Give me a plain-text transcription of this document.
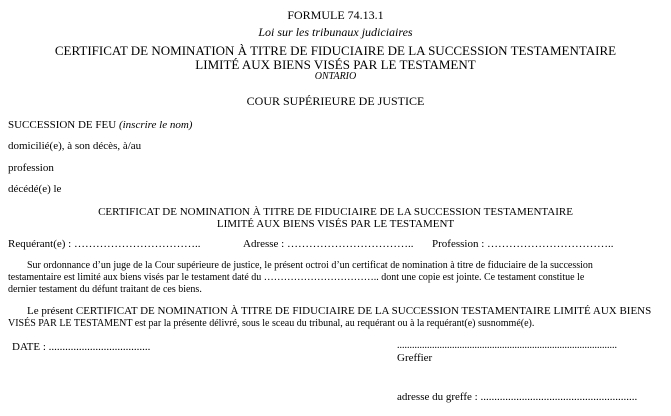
FORMULE 74.13.1
Loi sur les tribunaux judiciaires
CERTIFICAT DE NOMINATION À TITRE DE FIDUCIAIRE DE LA SUCCESSION TESTAMENTAIRE
LIMITÉ AUX BIENS VISÉS PAR LE TESTAMENT
ONTARIO
COUR SUPÉRIEURE DE JUSTICE
SUCCESSION DE FEU (inscrire le nom)
domicilié(e), à son décès, à/au
profession
décédé(e) le
CERTIFICAT DE NOMINATION À TITRE DE FIDUCIAIRE DE LA SUCCESSION TESTAMENTAIRE
LIMITÉ AUX BIENS VISÉS PAR LE TESTAMENT
Requérant(e) : ……………………………..	Adresse : …………………………….. Profession : ……………………………..
Sur ordonnance d’un juge de la Cour supérieure de justice, le présent octroi d’un certificat de nomination à titre de fiduciaire de la succession
testamentaire est limité aux biens visés par le testament daté du …………………………….. dont une copie est jointe. Ce testament constitue le
dernier testament du défunt traitant de ces biens.
Le présent CERTIFICAT DE NOMINATION À TITRE DE FIDUCIAIRE DE LA SUCCESSION TESTAMENTAIRE LIMITÉ AUX BIENS
VISÉS PAR LE TESTAMENT est par la présente délivré, sous le sceau du tribunal, au requérant ou à la requérant(e) susnommé(e).
DATE : .....................................	........................................................................................
Greffier
adresse du greffe : .........................................................
